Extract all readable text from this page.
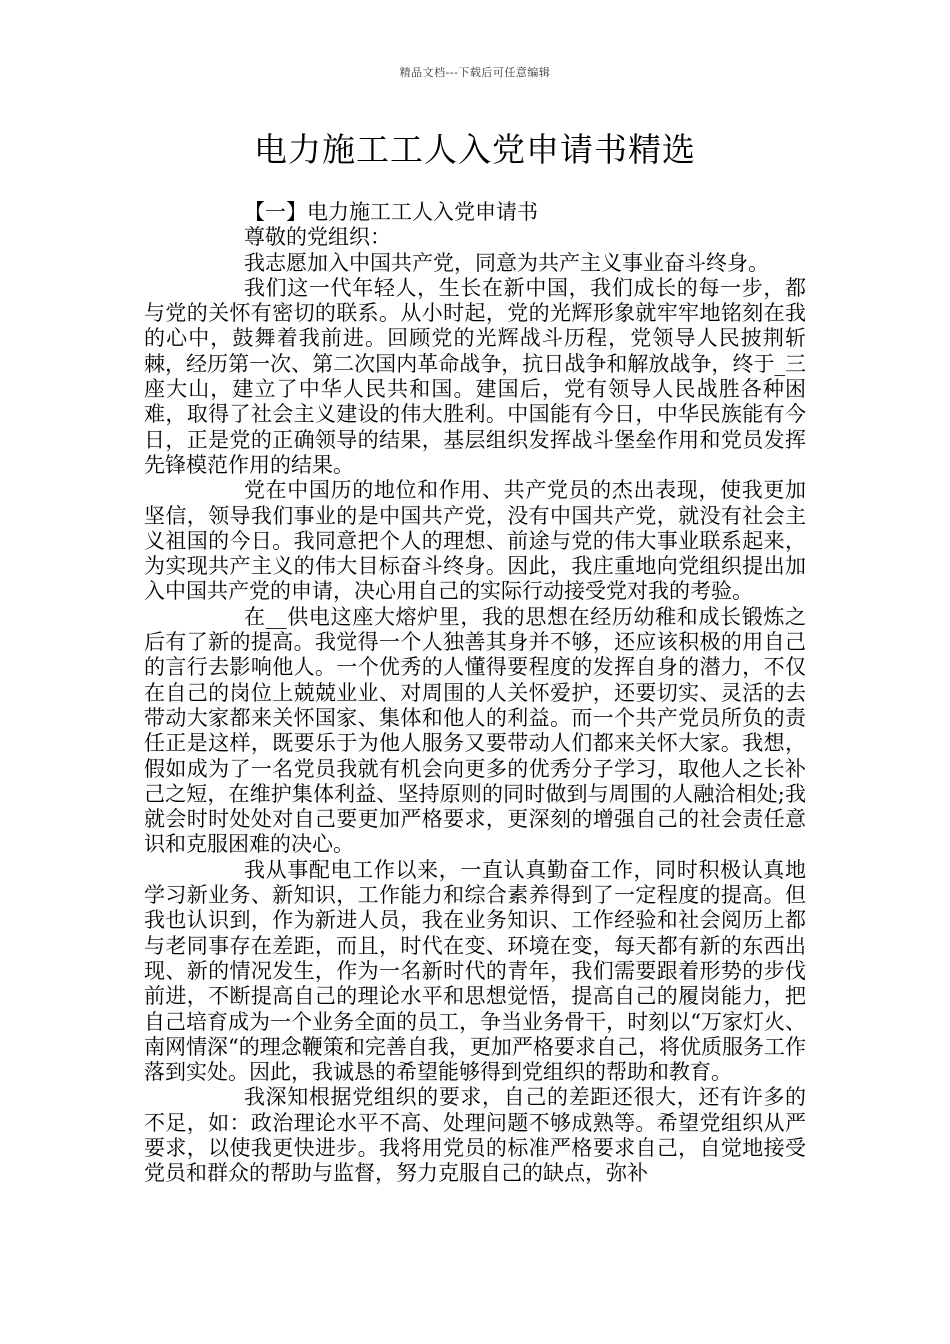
精品文档---下载后可任意编辑
电力施工工人入党申请书精选

【一】电力施工工人入党申请书

尊敬的党组织：

我志愿加入中国共产党，同意为共产主义事业奋斗终身。

我们这一代年轻人，生长在新中国，我们成长的每一步，都与党的关怀有密切的联系。从小时起，党的光辉形象就牢牢地铭刻在我的心中，鼓舞着我前进。回顾党的光辉战斗历程，党领导人民披荆斩棘，经历第一次、第二次国内革命战争，抗日战争和解放战争，终于_三座大山，建立了中华人民共和国。建国后，党有领导人民战胜各种困难，取得了社会主义建设的伟大胜利。中国能有今日，中华民族能有今日，正是党的正确领导的结果，基层组织发挥战斗堡垒作用和党员发挥先锋模范作用的结果。

党在中国历的地位和作用、共产党员的杰出表现，使我更加坚信，领导我们事业的是中国共产党，没有中国共产党，就没有社会主义祖国的今日。我同意把个人的理想、前途与党的伟大事业联系起来，为实现共产主义的伟大目标奋斗终身。因此，我庄重地向党组织提出加入中国共产党的申请，决心用自己的实际行动接受党对我的考验。

在__供电这座大熔炉里，我的思想在经历幼稚和成长锻炼之后有了新的提高。我觉得一个人独善其身并不够，还应该积极的用自己的言行去影响他人。一个优秀的人懂得要程度的发挥自身的潜力，不仅在自己的岗位上兢兢业业、对周围的人关怀爱护，还要切实、灵活的去带动大家都来关怀国家、集体和他人的利益。而一个共产党员所负的责任正是这样，既要乐于为他人服务又要带动人们都来关怀大家。我想，假如成为了一名党员我就有机会向更多的优秀分子学习，取他人之长补己之短，在维护集体利益、坚持原则的同时做到与周围的人融洽相处;我就会时时处处对自己要更加严格要求，更深刻的增强自己的社会责任意识和克服困难的决心。

我从事配电工作以来，一直认真勤奋工作，同时积极认真地学习新业务、新知识，工作能力和综合素养得到了一定程度的提高。但我也认识到，作为新进人员，我在业务知识、工作经验和社会阅历上都与老同事存在差距，而且，时代在变、环境在变，每天都有新的东西出现、新的情况发生，作为一名新时代的青年，我们需要跟着形势的步伐前进，不断提高自己的理论水平和思想觉悟，提高自己的履岗能力，把自己培育成为一个业务全面的员工，争当业务骨干，时刻以“万家灯火、南网情深“的理念鞭策和完善自我，更加严格要求自己，将优质服务工作落到实处。因此，我诚恳的希望能够得到党组织的帮助和教育。

我深知根据党组织的要求，自己的差距还很大，还有许多的不足，如：政治理论水平不高、处理问题不够成熟等。希望党组织从严要求，以使我更快进步。我将用党员的标准严格要求自己，自觉地接受党员和群众的帮助与监督，努力克服自己的缺点，弥补
